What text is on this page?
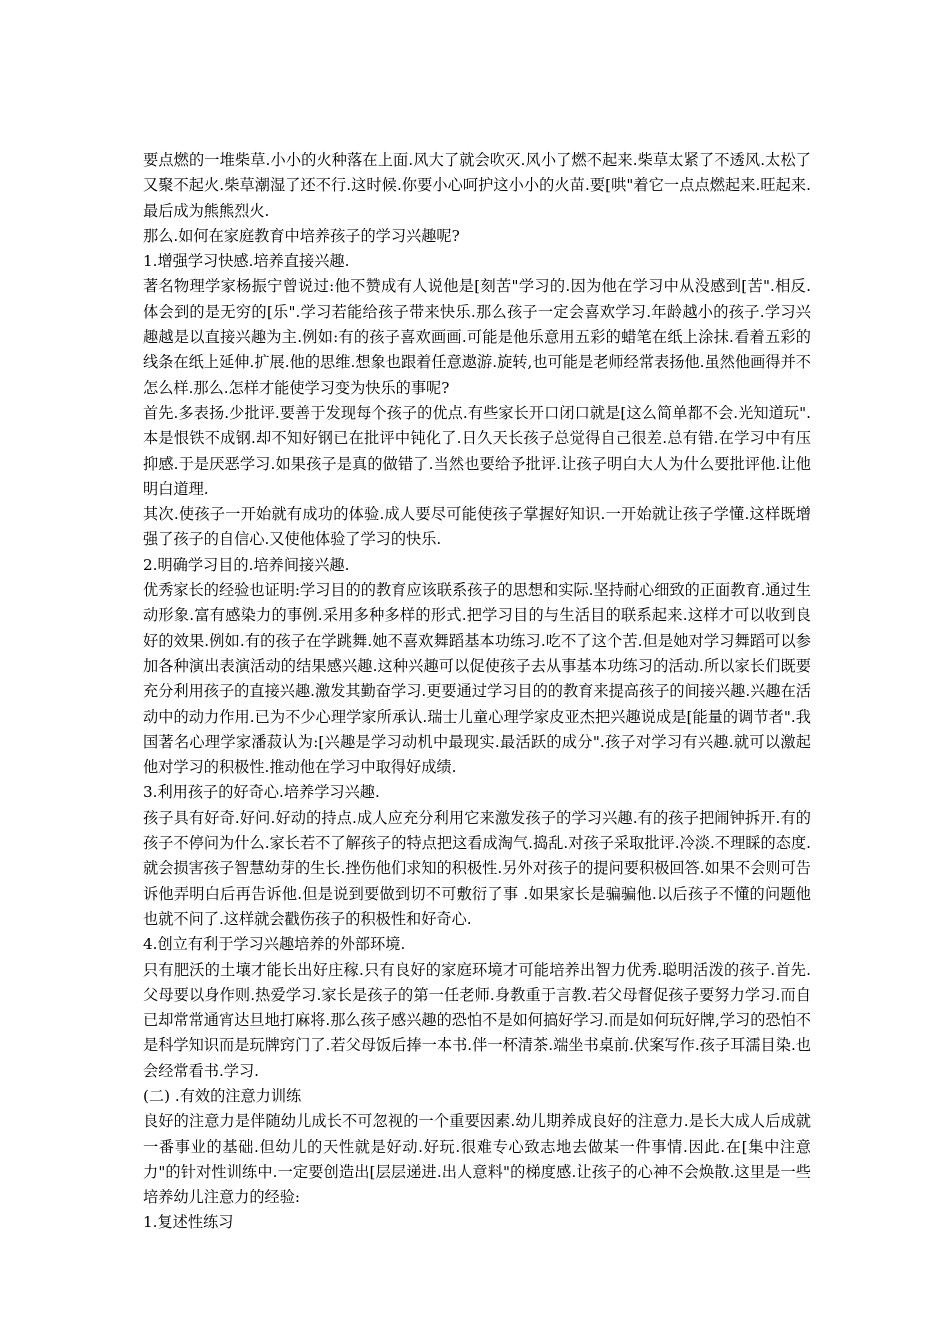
要点燃的一堆柴草.小小的火种落在上面.风大了就会吹灭.风小了燃不起来.柴草太紧了不透风.太松了又聚不起火.柴草潮湿了还不行.这时候.你要小心呵护这小小的火苗.要[哄"着它一点点燃起来.旺起来.最后成为熊熊烈火.

那么.如何在家庭教育中培养孩子的学习兴趣呢?

1.增强学习快感.培养直接兴趣.

著名物理学家杨振宁曾说过:他不赞成有人说他是[刻苦"学习的.因为他在学习中从没感到[苦".相反.体会到的是无穷的[乐".学习若能给孩子带来快乐.那么孩子一定会喜欢学习.年龄越小的孩子.学习兴趣越是以直接兴趣为主.例如:有的孩子喜欢画画.可能是他乐意用五彩的蜡笔在纸上涂抹.看着五彩的线条在纸上延伸.扩展.他的思维.想象也跟着任意遨游.旋转,也可能是老师经常表扬他.虽然他画得并不怎么样.那么.怎样才能使学习变为快乐的事呢?

首先.多表扬.少批评.要善于发现每个孩子的优点.有些家长开口闭口就是[这么简单都不会.光知道玩".本是恨铁不成钢.却不知好钢已在批评中钝化了.日久天长孩子总觉得自己很差.总有错.在学习中有压抑感.于是厌恶学习.如果孩子是真的做错了.当然也要给予批评.让孩子明白大人为什么要批评他.让他明白道理.

其次.使孩子一开始就有成功的体验.成人要尽可能使孩子掌握好知识.一开始就让孩子学懂.这样既增强了孩子的自信心.又使他体验了学习的快乐.

2.明确学习目的.培养间接兴趣.

优秀家长的经验也证明:学习目的的教育应该联系孩子的思想和实际.坚持耐心细致的正面教育.通过生动形象.富有感染力的事例.采用多种多样的形式.把学习目的与生活目的联系起来.这样才可以收到良好的效果.例如.有的孩子在学跳舞.她不喜欢舞蹈基本功练习.吃不了这个苦.但是她对学习舞蹈可以参加各种演出表演活动的结果感兴趣.这种兴趣可以促使孩子去从事基本功练习的活动.所以家长们既要充分利用孩子的直接兴趣.激发其勤奋学习.更要通过学习目的的教育来提高孩子的间接兴趣.兴趣在活动中的动力作用.已为不少心理学家所承认.瑞士儿童心理学家皮亚杰把兴趣说成是[能量的调节者".我国著名心理学家潘菽认为:[兴趣是学习动机中最现实.最活跃的成分".孩子对学习有兴趣.就可以激起他对学习的积极性.推动他在学习中取得好成绩.

3.利用孩子的好奇心.培养学习兴趣.

孩子具有好奇.好问.好动的持点.成人应充分利用它来激发孩子的学习兴趣.有的孩子把闹钟拆开.有的孩子不停问为什么.家长若不了解孩子的特点把这看成淘气.捣乱.对孩子采取批评.冷淡.不理睬的态度.就会损害孩子智慧幼芽的生长.挫伤他们求知的积极性.另外对孩子的提问要积极回答.如果不会则可告诉他弄明白后再告诉他.但是说到要做到切不可敷衍了事 .如果家长是骗骗他.以后孩子不懂的问题他也就不问了.这样就会戳伤孩子的积极性和好奇心.

4.创立有利于学习兴趣培养的外部环境.

只有肥沃的土壤才能长出好庄稼.只有良好的家庭环境才可能培养出智力优秀.聪明活泼的孩子.首先.父母要以身作则.热爱学习.家长是孩子的第一任老师.身教重于言教.若父母督促孩子要努力学习.而自已却常常通宵达旦地打麻将.那么孩子感兴趣的恐怕不是如何搞好学习.而是如何玩好牌,学习的恐怕不是科学知识而是玩牌窍门了.若父母饭后捧一本书.伴一杯清茶.端坐书桌前.伏案写作.孩子耳濡目染.也会经常看书.学习.

(二) .有效的注意力训练

良好的注意力是伴随幼儿成长不可忽视的一个重要因素.幼儿期养成良好的注意力.是长大成人后成就一番事业的基础.但幼儿的天性就是好动.好玩.很难专心致志地去做某一件事情.因此.在[集中注意力"的针对性训练中.一定要创造出[层层递进.出人意料"的梯度感.让孩子的心神不会焕散.这里是一些培养幼儿注意力的经验:

1.复述性练习
